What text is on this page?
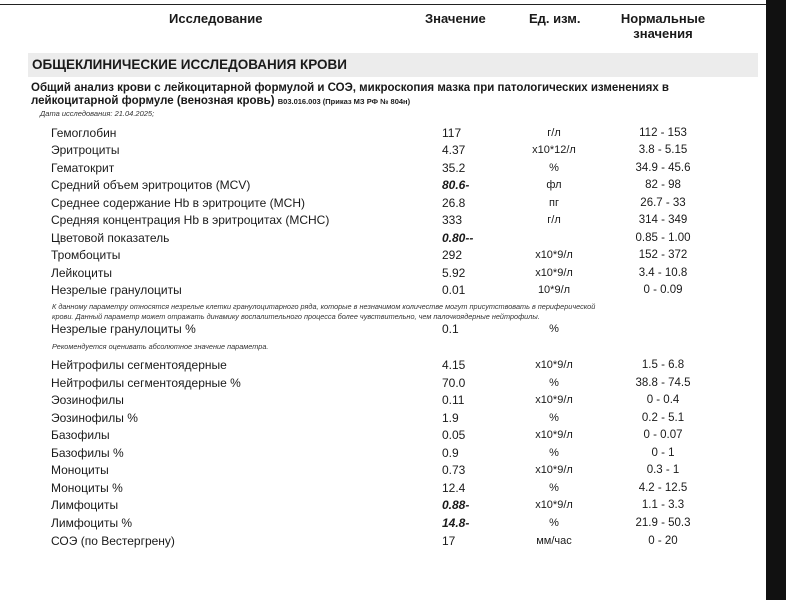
Исследование	Значение	Ед. изм.	Нормальные
значения
ОБЩЕКЛИНИЧЕСКИЕ ИССЛЕДОВАНИЯ КРОВИ
Общий анализ крови с лейкоцитарной формулой и СОЭ, микроскопия мазка при патологических изменениях в лейкоцитарной формуле (венозная кровь) В03.016.003 (Приказ МЗ РФ № 804н)
Дата исследования: 21.04.2025;
Гемоглобин	117	г/л	112 - 153
Эритроциты	4.37	x10*12/л	3.8 - 5.15
Гематокрит	35.2	%	34.9 - 45.6
Средний объем эритроцитов (MCV)	80.6-	фл	82 - 98
Среднее содержание Hb в эритроците (MCH)	26.8	пг	26.7 - 33
Средняя концентрация Hb в эритроцитах (MCHC)	333	г/л	314 - 349
Цветовой показатель	0.80--	0.85 - 1.00
Тромбоциты	292	x10*9/л	152 - 372
Лейкоциты	5.92	x10*9/л	3.4 - 10.8
Незрелые гранулоциты	0.01	10*9/л	0 - 0.09
Незрелые гранулоциты %	0.1	%
Нейтрофилы сегментоядерные	4.15	x10*9/л	1.5 - 6.8
Нейтрофилы сегментоядерные %	70.0	%	38.8 - 74.5
Эозинофилы	0.11	x10*9/л	0 - 0.4
Эозинофилы %	1.9	%	0.2 - 5.1
Базофилы	0.05	x10*9/л	0 - 0.07
Базофилы %	0.9	%	0 - 1
Моноциты	0.73	x10*9/л	0.3 - 1
Моноциты %	12.4	%	4.2 - 12.5
Лимфоциты	0.88-	x10*9/л	1.1 - 3.3
Лимфоциты %	14.8-	%	21.9 - 50.3
СОЭ (по Вестергрену)	17	мм/час	0 - 20
К данному параметру относятся незрелые клетки гранулоцитарного ряда, которые в незначимом количестве могут присутствовать в периферической
крови. Данный параметр может отражать динамику воспалительного процесса более чувствительно, чем палочкоядерные нейтрофилы.
Рекомендуется оценивать абсолютное значение параметра.
